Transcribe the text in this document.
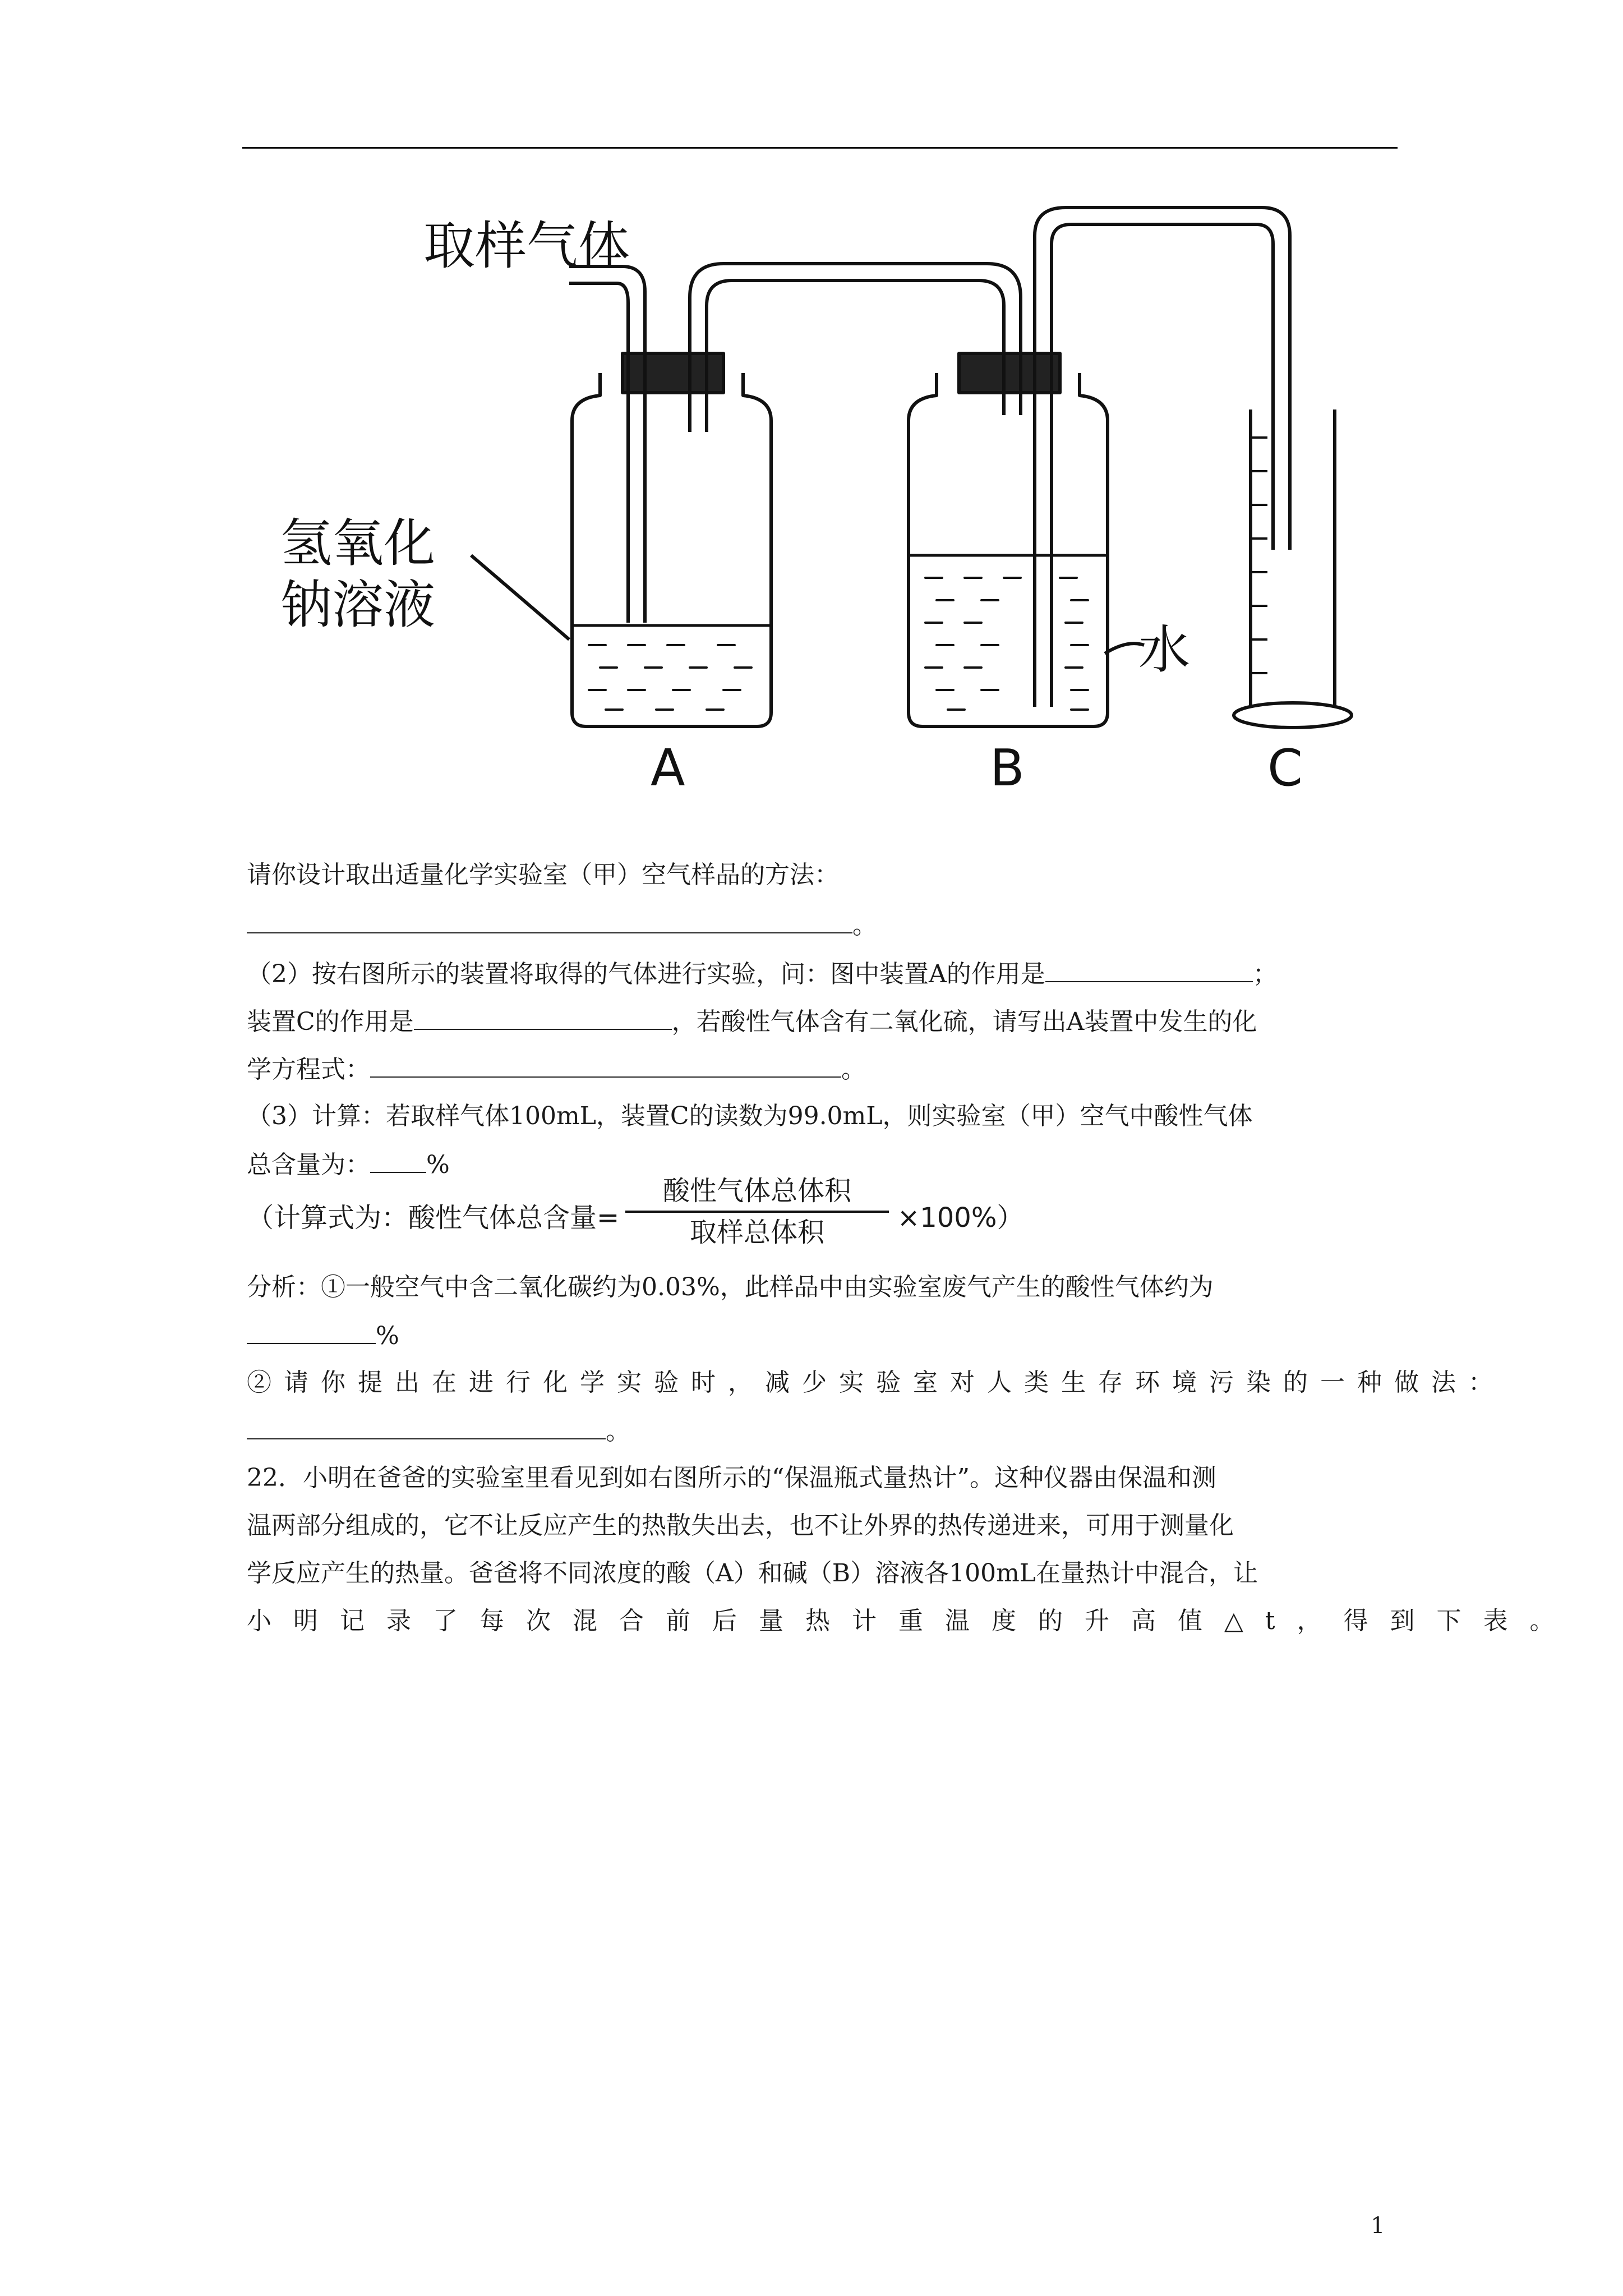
取样气体
氢氧化
钠溶液
水
A	B	C
请你设计取出适量化学实验室（甲）空气样品的方法：
。
（2）按右图所示的装置将取得的气体进行实验，问：图中装置A的作用是	；
装置C的作用是	，若酸性气体含有二氧化硫，请写出A装置中发生的化
学方程式：	。
（3）计算：若取样气体100mL，装置C的读数为99.0mL，则实验室（甲）空气中酸性气体
总含量为： %
（计算式为：酸性气体总含量=
酸性气体总体积
取样总体积	×100%）
分析：①一般空气中含二氧化碳约为0.03%，此样品中由实验室废气产生的酸性气体约为
%
②请你提出在进行化学实验时，减少实验室对人类生存环境污染的一种做法：
。
22．小明在爸爸的实验室里看见到如右图所示的“保温瓶式量热计”。这种仪器由保温和测
温两部分组成的，它不让反应产生的热散失出去，也不让外界的热传递进来，可用于测量化
学反应产生的热量。爸爸将不同浓度的酸（A）和碱（B）溶液各100mL在量热计中混合，让
小明记录了每次混合前后量热计重温度的升高值△t，得到下表。
1
